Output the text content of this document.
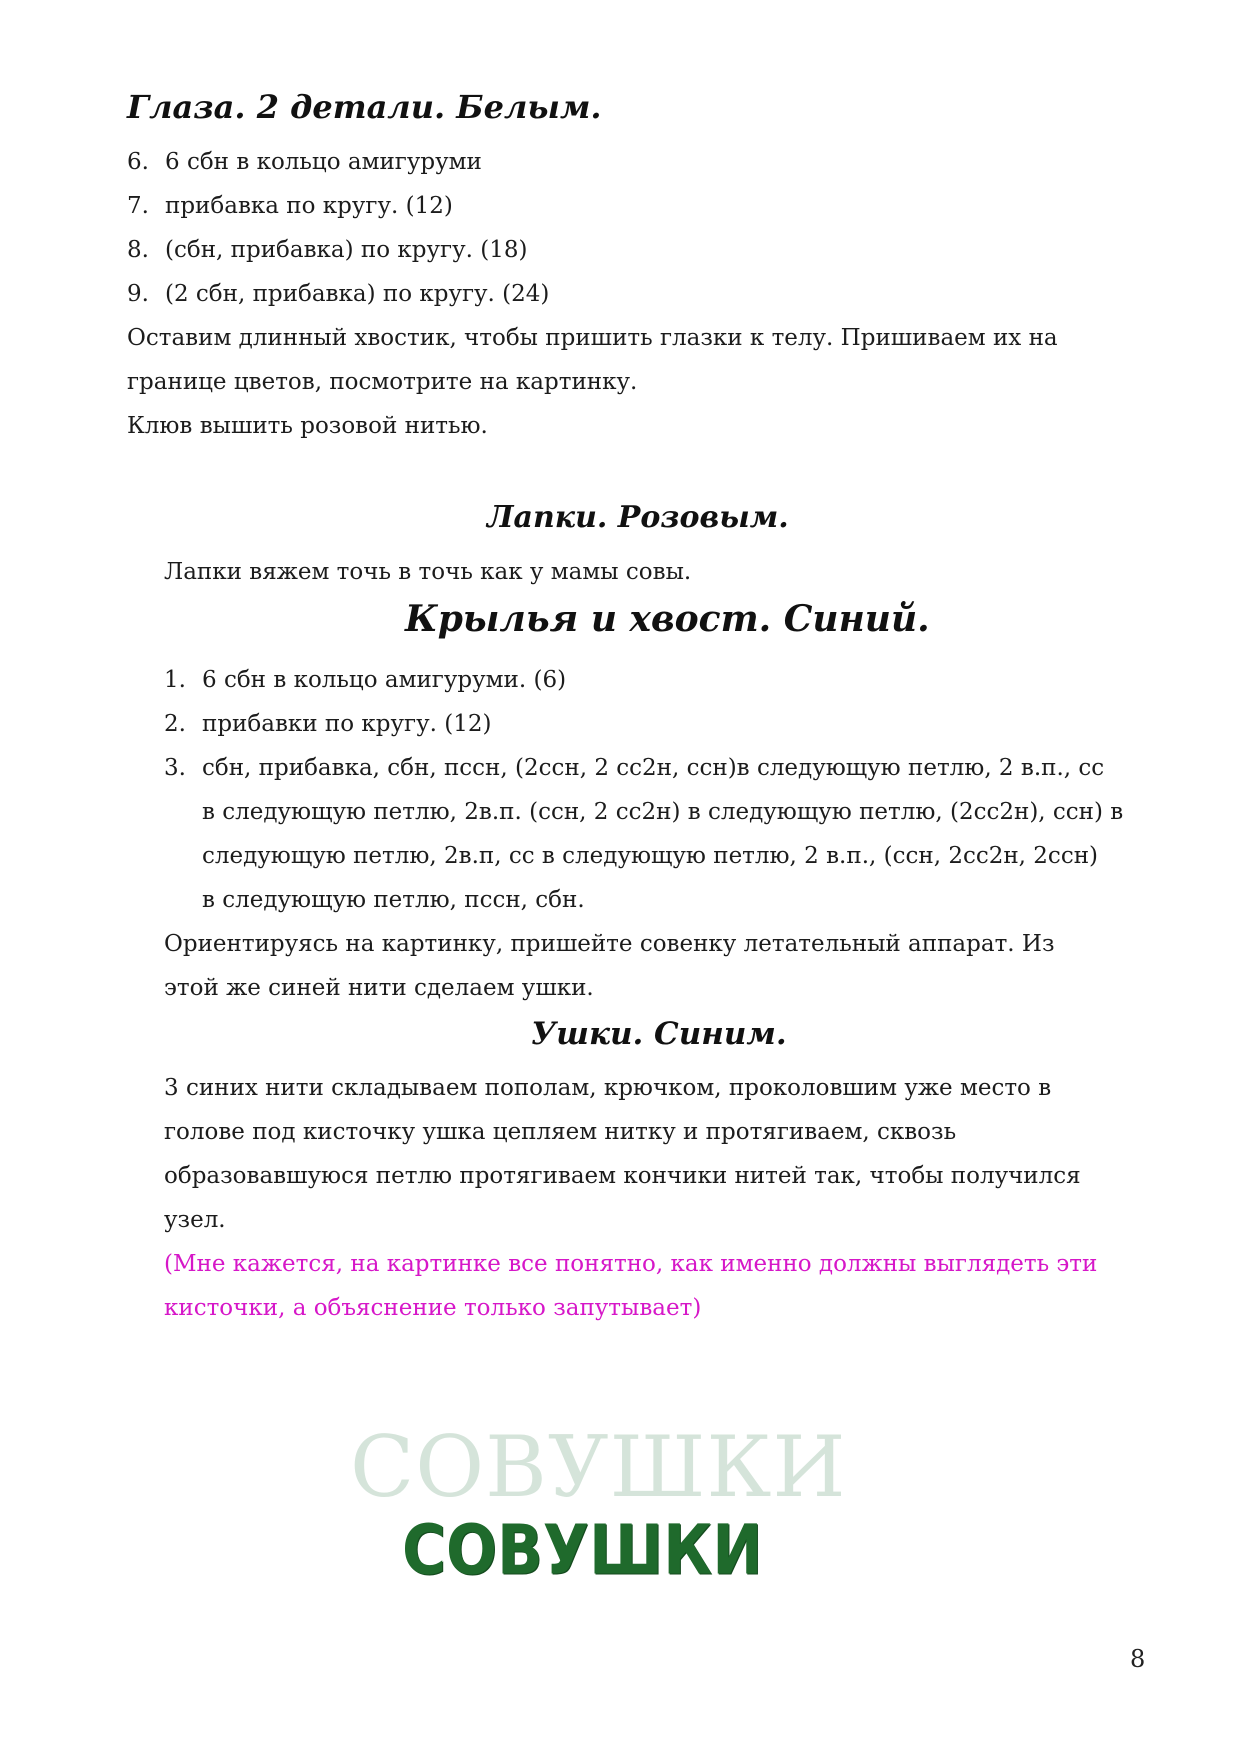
Глаза. 2 детали. Белым.
6. 6 сбн в кольцо амигуруми
7. прибавка по кругу. (12)
8. (сбн, прибавка) по кругу. (18)
9. (2 сбн, прибавка) по кругу. (24)
Оставим длинный хвостик, чтобы пришить глазки к телу. Пришиваем их на
границе цветов, посмотрите на картинку.
Клюв вышить розовой нитью.
Лапки. Розовым.
Лапки вяжем точь в точь как у мамы совы.
Крылья и хвост. Синий.
1. 6 сбн в кольцо амигуруми. (6)
2. прибавки по кругу. (12)
3. сбн, прибавка, сбн, пссн, (2ссн, 2 сс2н, ссн)в следующую петлю, 2 в.п., сс
в следующую петлю, 2в.п. (ссн, 2 сс2н) в следующую петлю, (2сс2н), ссн) в
следующую петлю, 2в.п, сс в следующую петлю, 2 в.п., (ссн, 2сс2н, 2ссн)
в следующую петлю, пссн, сбн.
Ориентируясь на картинку, пришейте совенку летательный аппарат. Из
этой же синей нити сделаем ушки.
Ушки. Синим.
3 синих нити складываем пополам, крючком, проколовшим уже место в
голове под кисточку ушка цепляем нитку и протягиваем, сквозь
образовавшуюся петлю протягиваем кончики нитей так, чтобы получился
узел.
(Мне кажется, на картинке все понятно, как именно должны выглядеть эти
кисточки, а объяснение только запутывает)
СОВУШКИ
СОВУШКИ
8
